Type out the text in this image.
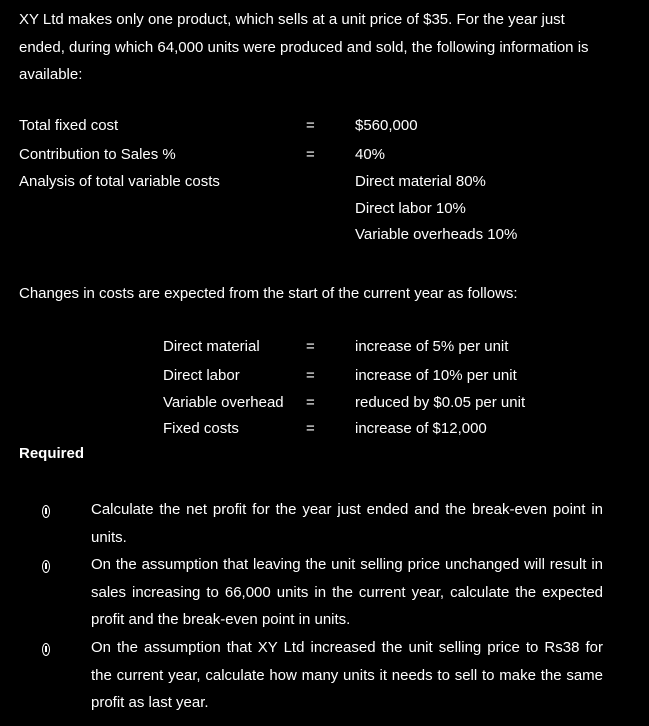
XY Ltd makes only one product, which sells at a unit price of $35. For the year just ended, during which 64,000 units were produced and sold, the following information is available:
Total fixed cost	=	$560,000
Contribution to Sales %	=	40%
Analysis of total variable costs	Direct material 80%
Direct labor 10%
Variable overheads 10%
Changes in costs are expected from the start of the current year as follows:
Direct material	=	increase of 5% per unit
Direct labor	=	increase of 10% per unit
Variable overhead =	reduced by $0.05 per unit
Fixed costs	=	increase of $12,000
Required
Calculate the net profit for the year just ended and the break-even point in units.
On the assumption that leaving the unit selling price unchanged will result in sales increasing to 66,000 units in the current year, calculate the expected profit and the break-even point in units.
On the assumption that XY Ltd increased the unit selling price to Rs38 for the current year, calculate how many units it needs to sell to make the same profit as last year.
